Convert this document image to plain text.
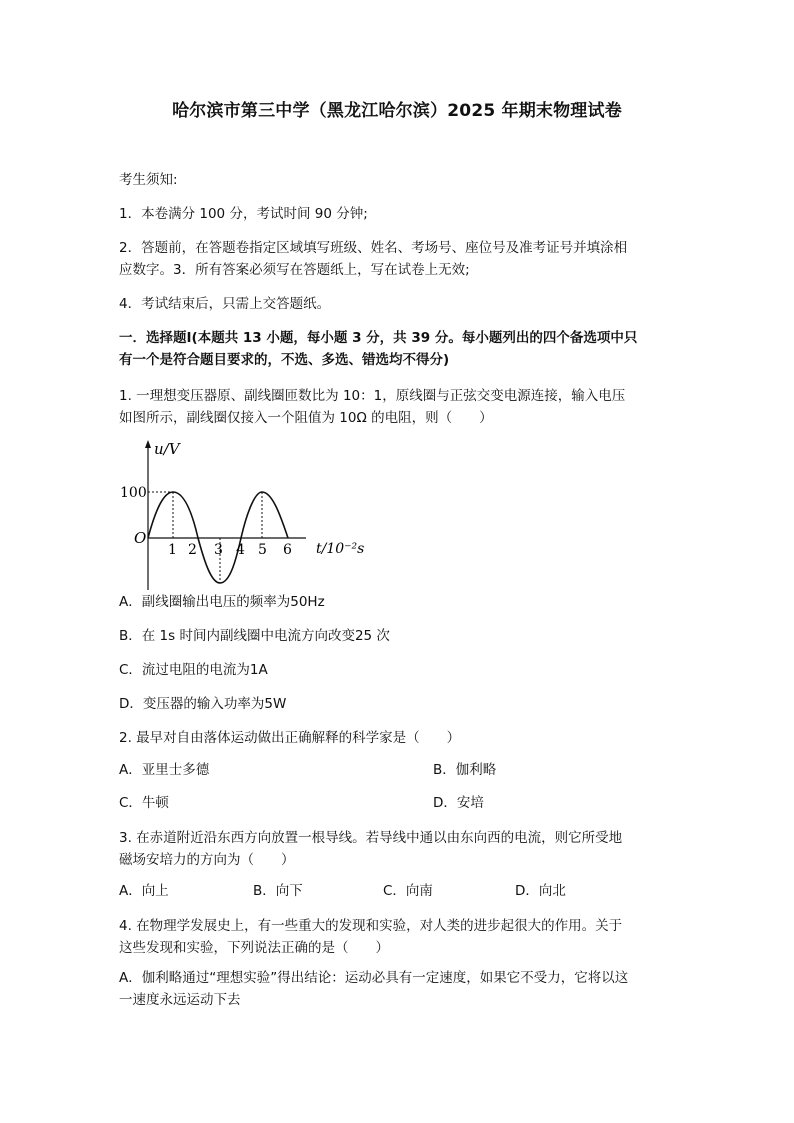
哈尔滨市第三中学（黑龙江哈尔滨）2025 年期末物理试卷
考生须知:
1．本卷满分 100 分，考试时间 90 分钟;
2．答题前，在答题卷指定区域填写班级、姓名、考场号、座位号及准考证号并填涂相
应数字。3．所有答案必须写在答题纸上，写在试卷上无效;
4．考试结束后，只需上交答题纸。
一．选择题Ⅰ(本题共 13 小题，每小题 3 分，共 39 分。每小题列出的四个备选项中只
有一个是符合题目要求的，不选、多选、错选均不得分)
1. 一理想变压器原、副线圈匝数比为 10：1，原线圈与正弦交变电源连接，输入电压
如图所示，副线圈仅接入一个阻值为 10Ω 的电阻，则（　　）
u/V
O
100
t/10⁻²s
1 2 3 4 5 6
A．副线圈输出电压的频率为50Hz
B．在 1s 时间内副线圈中电流方向改变25 次
C．流过电阻的电流为1A
D．变压器的输入功率为5W
2. 最早对自由落体运动做出正确解释的科学家是（　　）
A．亚里士多德	B．伽利略
C．牛顿	D．安培
3. 在赤道附近沿东西方向放置一根导线。若导线中通以由东向西的电流，则它所受地
磁场安培力的方向为（　　）
A．向上	B．向下	C．向南	D．向北
4. 在物理学发展史上，有一些重大的发现和实验，对人类的进步起很大的作用。关于
这些发现和实验，下列说法正确的是（　　）
A．伽利略通过“理想实验”得出结论：运动必具有一定速度，如果它不受力，它将以这
一速度永远运动下去
